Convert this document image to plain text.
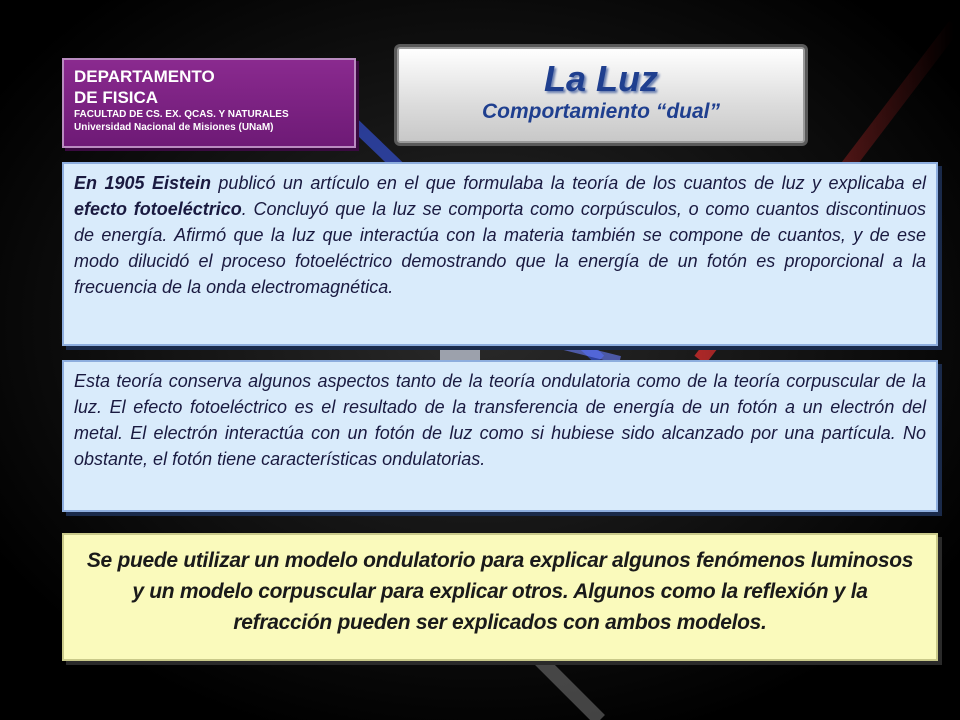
DEPARTAMENTO
DE FISICA
FACULTAD DE CS. EX. QCAS. Y NATURALES
Universidad Nacional de Misiones (UNaM)
La Luz
Comportamiento “dual”
En 1905 Eistein publicó un artículo en el que formulaba la teoría de los cuantos de luz y explicaba el efecto fotoeléctrico. Concluyó que la luz se comporta como corpúsculos, o como cuantos discontinuos de energía. Afirmó que la luz que interactúa con la materia también se compone de cuantos, y de ese modo dilucidó el proceso fotoeléctrico demostrando que la energía de un fotón es proporcional a la frecuencia de la onda electromagnética.
Esta teoría conserva algunos aspectos tanto de la teoría ondulatoria como de la teoría corpuscular de la luz. El efecto fotoeléctrico es el resultado de la transferencia de energía de un fotón a un electrón del metal. El electrón interactúa con un fotón de luz como si hubiese sido alcanzado por una partícula. No obstante, el fotón tiene características ondulatorias.
Se puede utilizar un modelo ondulatorio para explicar algunos fenómenos luminosos y un modelo corpuscular para explicar otros. Algunos como la reflexión y la refracción pueden ser explicados con ambos modelos.
